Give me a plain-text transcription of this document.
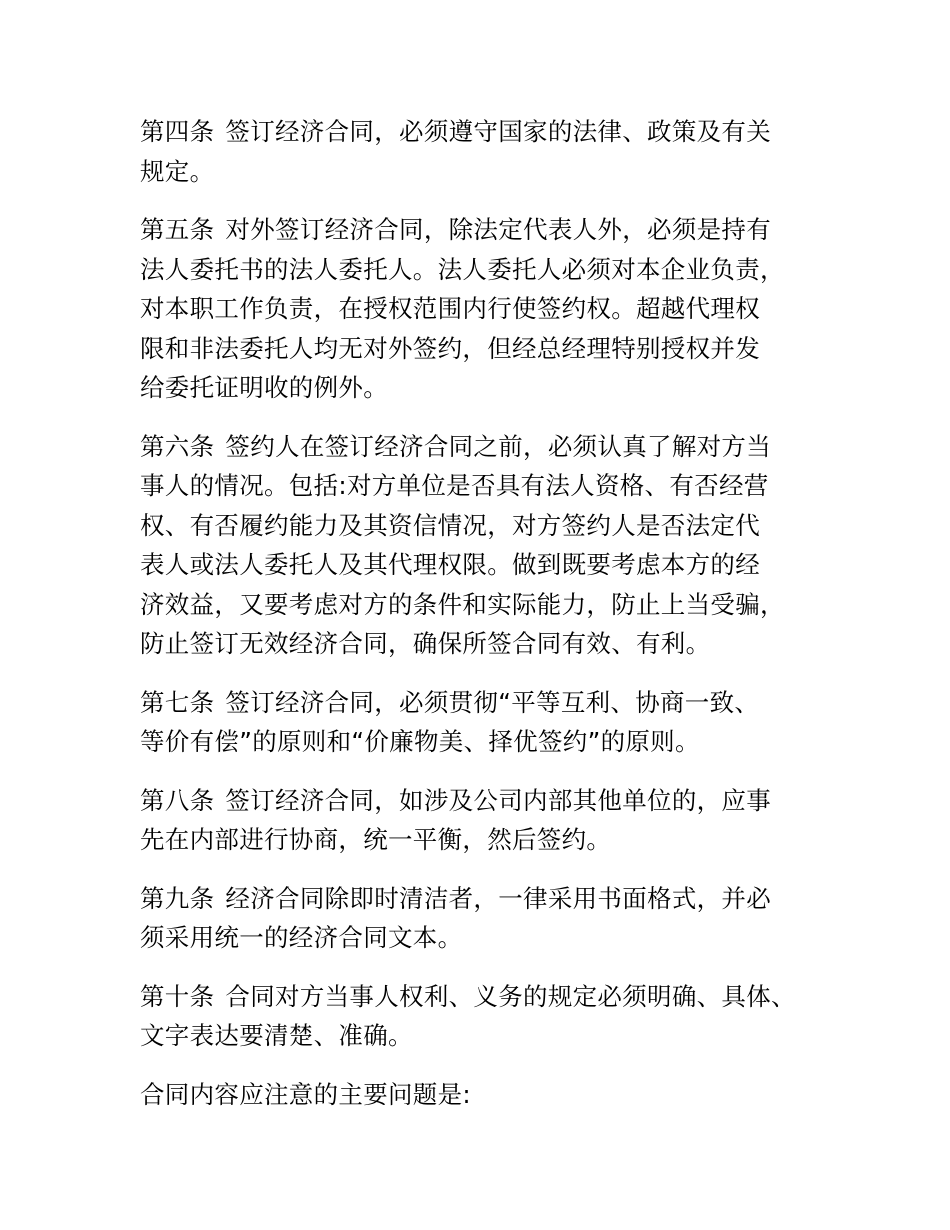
第四条 签订经济合同，必须遵守国家的法律、政策及有关
规定。

第五条 对外签订经济合同，除法定代表人外，必须是持有
法人委托书的法人委托人。法人委托人必须对本企业负责，
对本职工作负责，在授权范围内行使签约权。超越代理权
限和非法委托人均无对外签约，但经总经理特别授权并发
给委托证明收的例外。

第六条 签约人在签订经济合同之前，必须认真了解对方当
事人的情况。包括:对方单位是否具有法人资格、有否经营
权、有否履约能力及其资信情况，对方签约人是否法定代
表人或法人委托人及其代理权限。做到既要考虑本方的经
济效益，又要考虑对方的条件和实际能力，防止上当受骗，
防止签订无效经济合同，确保所签合同有效、有利。

第七条 签订经济合同，必须贯彻“平等互利、协商一致、
等价有偿”的原则和“价廉物美、择优签约”的原则。

第八条 签订经济合同，如涉及公司内部其他单位的，应事
先在内部进行协商，统一平衡，然后签约。

第九条 经济合同除即时清洁者，一律采用书面格式，并必
须采用统一的经济合同文本。

第十条 合同对方当事人权利、义务的规定必须明确、具体、
文字表达要清楚、准确。

合同内容应注意的主要问题是:
